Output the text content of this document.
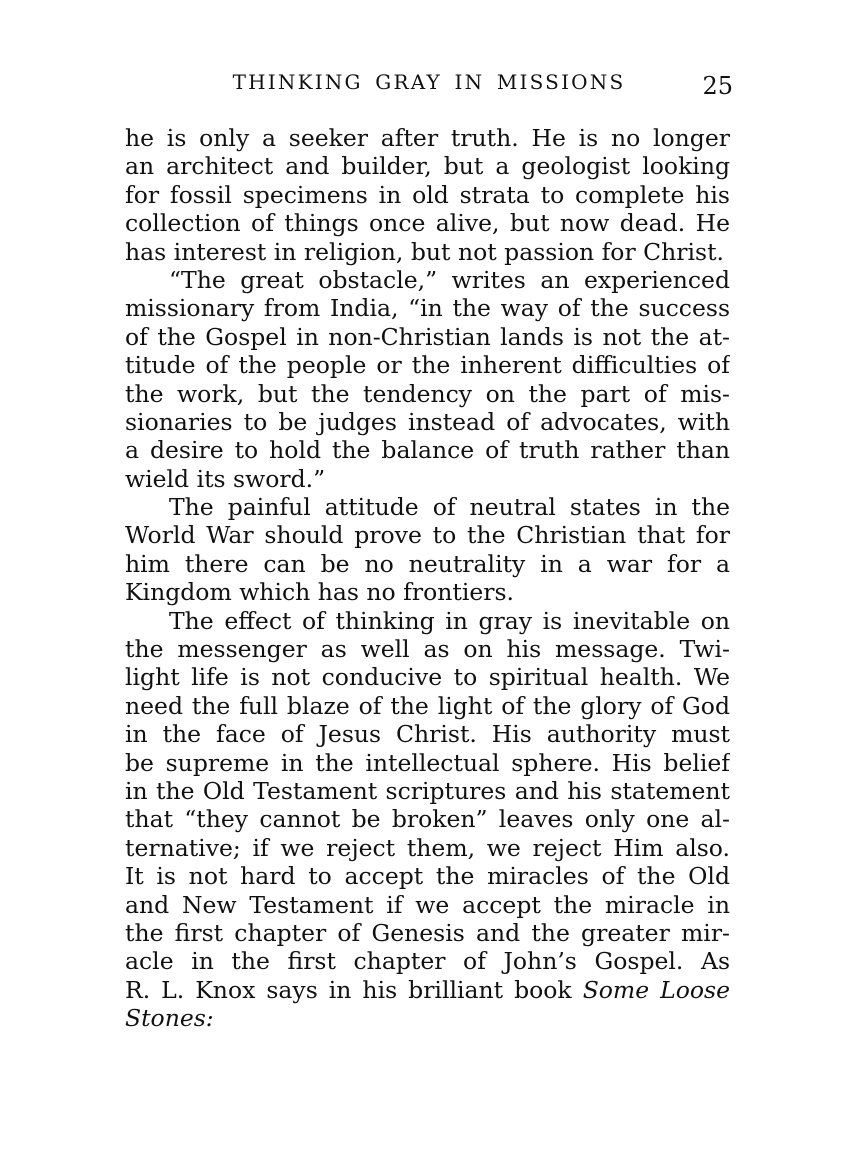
THINKING GRAY IN MISSIONS	25
he is only a seeker after truth. He is no longer
an architect and builder, but a geologist looking
for fossil specimens in old strata to complete his
collection of things once alive, but now dead. He
has interest in religion, but not passion for Christ.
“The great obstacle,” writes an experienced
missionary from India, “in the way of the success
of the Gospel in non-Christian lands is not the at-
titude of the people or the inherent difficulties of
the work, but the tendency on the part of mis-
sionaries to be judges instead of advocates, with
a desire to hold the balance of truth rather than
wield its sword.”
The painful attitude of neutral states in the
World War should prove to the Christian that for
him there can be no neutrality in a war for a
Kingdom which has no frontiers.
The effect of thinking in gray is inevitable on
the messenger as well as on his message. Twi-
light life is not conducive to spiritual health. We
need the full blaze of the light of the glory of God
in the face of Jesus Christ. His authority must
be supreme in the intellectual sphere. His belief
in the Old Testament scriptures and his statement
that “they cannot be broken” leaves only one al-
ternative; if we reject them, we reject Him also.
It is not hard to accept the miracles of the Old
and New Testament if we accept the miracle in
the first chapter of Genesis and the greater mir-
acle in the first chapter of John’s Gospel. As
R. L. Knox says in his brilliant book Some Loose
Stones:
